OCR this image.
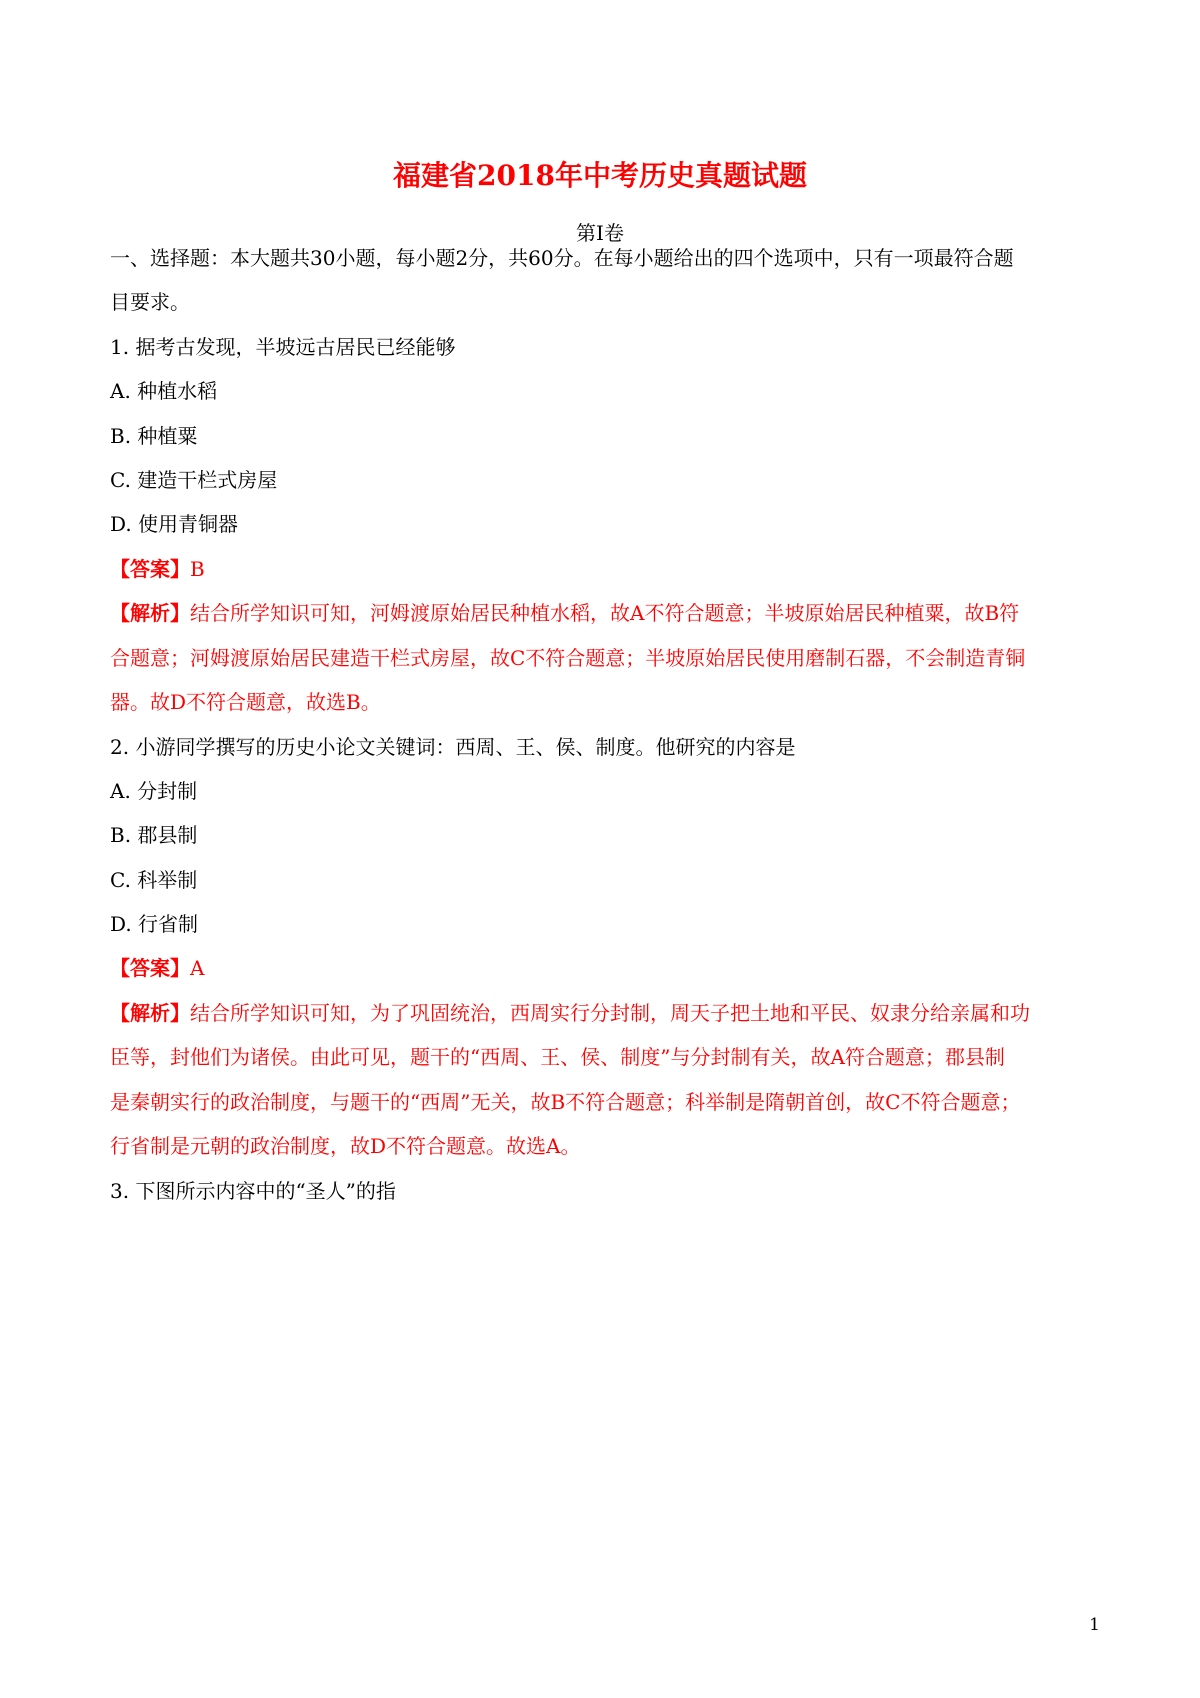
福建省2018年中考历史真题试题
第Ⅰ卷
一、选择题：本大题共30小题，每小题2分，共60分。在每小题给出的四个选项中，只有一项最符合题
目要求。
1. 据考古发现，半坡远古居民已经能够
A. 种植水稻
B. 种植粟
C. 建造干栏式房屋
D. 使用青铜器
【答案】B
【解析】结合所学知识可知，河姆渡原始居民种植水稻，故A不符合题意；半坡原始居民种植粟，故B符
合题意；河姆渡原始居民建造干栏式房屋，故C不符合题意；半坡原始居民使用磨制石器，不会制造青铜
器。故D不符合题意，故选B。
2. 小游同学撰写的历史小论文关键词：西周、王、侯、制度。他研究的内容是
A. 分封制
B. 郡县制
C. 科举制
D. 行省制
【答案】A
【解析】结合所学知识可知，为了巩固统治，西周实行分封制，周天子把土地和平民、奴隶分给亲属和功
臣等，封他们为诸侯。由此可见，题干的“西周、王、侯、制度”与分封制有关，故A符合题意；郡县制
是秦朝实行的政治制度，与题干的“西周”无关，故B不符合题意；科举制是隋朝首创，故C不符合题意；
行省制是元朝的政治制度，故D不符合题意。故选A。
3. 下图所示内容中的“圣人”的指
1
